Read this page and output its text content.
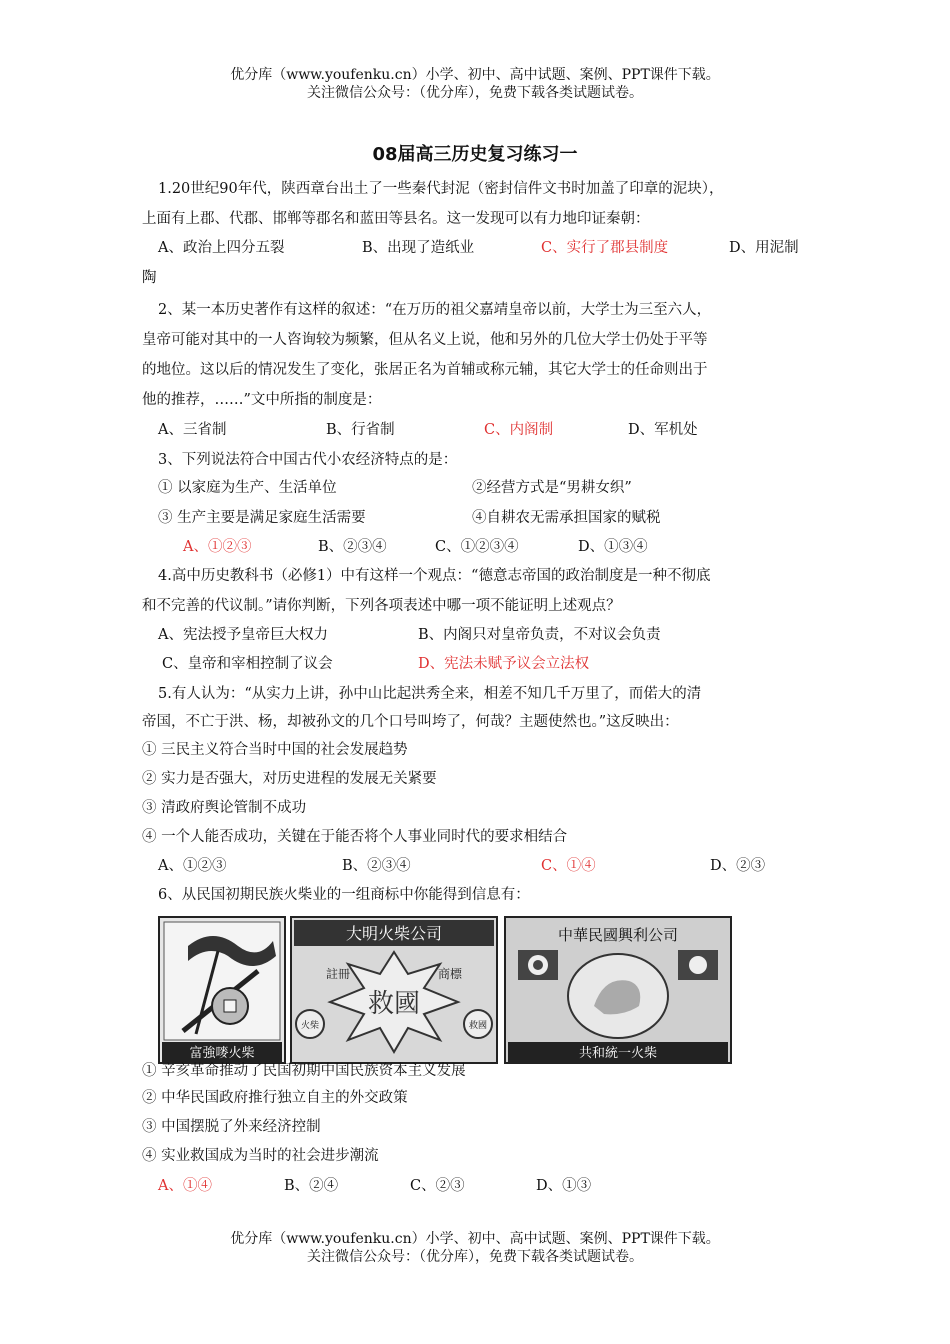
优分库（www.youfenku.cn）小学、初中、高中试题、案例、PPT课件下载。
关注微信公众号：（优分库），免费下载各类试题试卷。
08届高三历史复习练习一
1.20世纪90年代，陕西章台出土了一些秦代封泥（密封信件文书时加盖了印章的泥块），
上面有上郡、代郡、邯郸等郡名和蓝田等县名。这一发现可以有力地印证秦朝：
A、政治上四分五裂	B、出现了造纸业	C、实行了郡县制度	D、用泥制
陶
2、某一本历史著作有这样的叙述：“在万历的祖父嘉靖皇帝以前，大学士为三至六人，
皇帝可能对其中的一人咨询较为频繁，但从名义上说，他和另外的几位大学士仍处于平等
的地位。这以后的情况发生了变化，张居正名为首辅或称元辅，其它大学士的任命则出于
他的推荐，……”文中所指的制度是：
A、三省制	B、行省制	C、内阁制	D、军机处
3、下列说法符合中国古代小农经济特点的是：
① 以家庭为生产、生活单位	②经营方式是“男耕女织”
③ 生产主要是满足家庭生活需要	④自耕农无需承担国家的赋税
A、①②③	B、②③④	C、①②③④	D、①③④
4.高中历史教科书（必修1）中有这样一个观点：“德意志帝国的政治制度是一种不彻底
和不完善的代议制。”请你判断，下列各项表述中哪一项不能证明上述观点？
A、宪法授予皇帝巨大权力	B、内阁只对皇帝负责，不对议会负责
C、皇帝和宰相控制了议会	D、宪法未赋予议会立法权
5.有人认为：“从实力上讲，孙中山比起洪秀全来，相差不知几千万里了，而偌大的清
帝国，不亡于洪、杨，却被孙文的几个口号叫垮了，何哉？主题使然也。”这反映出：
① 三民主义符合当时中国的社会发展趋势
② 实力是否强大，对历史进程的发展无关紧要
③ 清政府舆论管制不成功
④ 一个人能否成功，关键在于能否将个人事业同时代的要求相结合
A、①②③	B、②③④	C、①④	D、②③
6、从民国初期民族火柴业的一组商标中你能得到信息有：
富強嘜火柴
大明火柴公司
救國
註冊	商標
火柴	救國
中華民國興利公司
共和統一火柴
① 辛亥革命推动了民国初期中国民族资本主义发展
② 中华民国政府推行独立自主的外交政策
③ 中国摆脱了外来经济控制
④ 实业救国成为当时的社会进步潮流
A、①④	B、②④	C、②③	D、①③
优分库（www.youfenku.cn）小学、初中、高中试题、案例、PPT课件下载。
关注微信公众号：（优分库），免费下载各类试题试卷。
